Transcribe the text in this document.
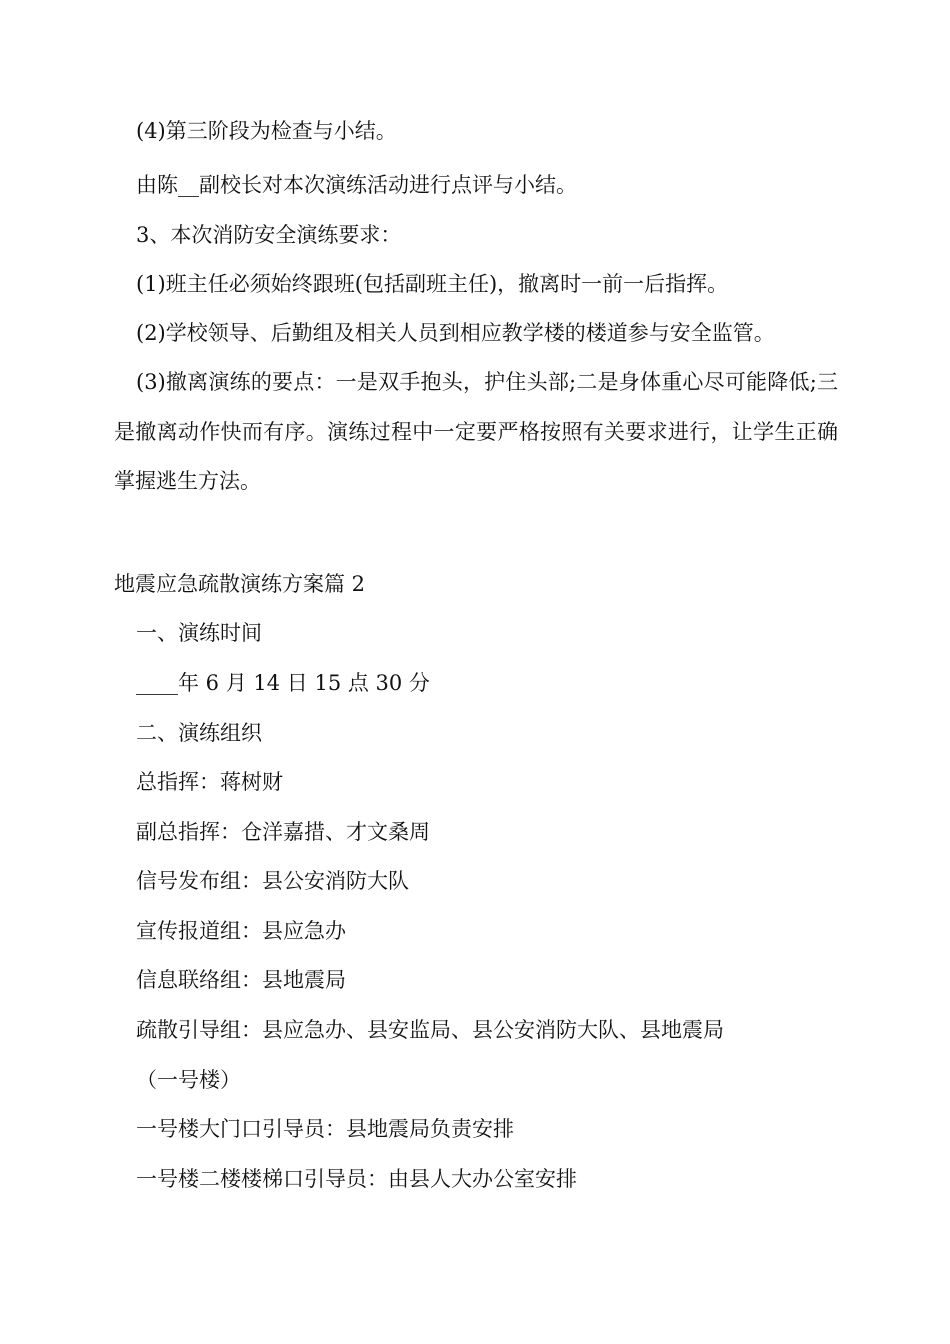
(4)第三阶段为检查与小结。

由陈__副校长对本次演练活动进行点评与小结。

3、本次消防安全演练要求：

(1)班主任必须始终跟班(包括副班主任)，撤离时一前一后指挥。

(2)学校领导、后勤组及相关人员到相应教学楼的楼道参与安全监管。

(3)撤离演练的要点：一是双手抱头，护住头部;二是身体重心尽可能降低;三是撤离动作快而有序。演练过程中一定要严格按照有关要求进行，让学生正确掌握逃生方法。

地震应急疏散演练方案篇 2

一、演练时间

____年 6 月 14 日 15 点 30 分

二、演练组织

总指挥：蒋树财

副总指挥：仓洋嘉措、才文桑周

信号发布组：县公安消防大队

宣传报道组：县应急办

信息联络组：县地震局

疏散引导组：县应急办、县安监局、县公安消防大队、县地震局

（一号楼）

一号楼大门口引导员：县地震局负责安排

一号楼二楼楼梯口引导员：由县人大办公室安排
